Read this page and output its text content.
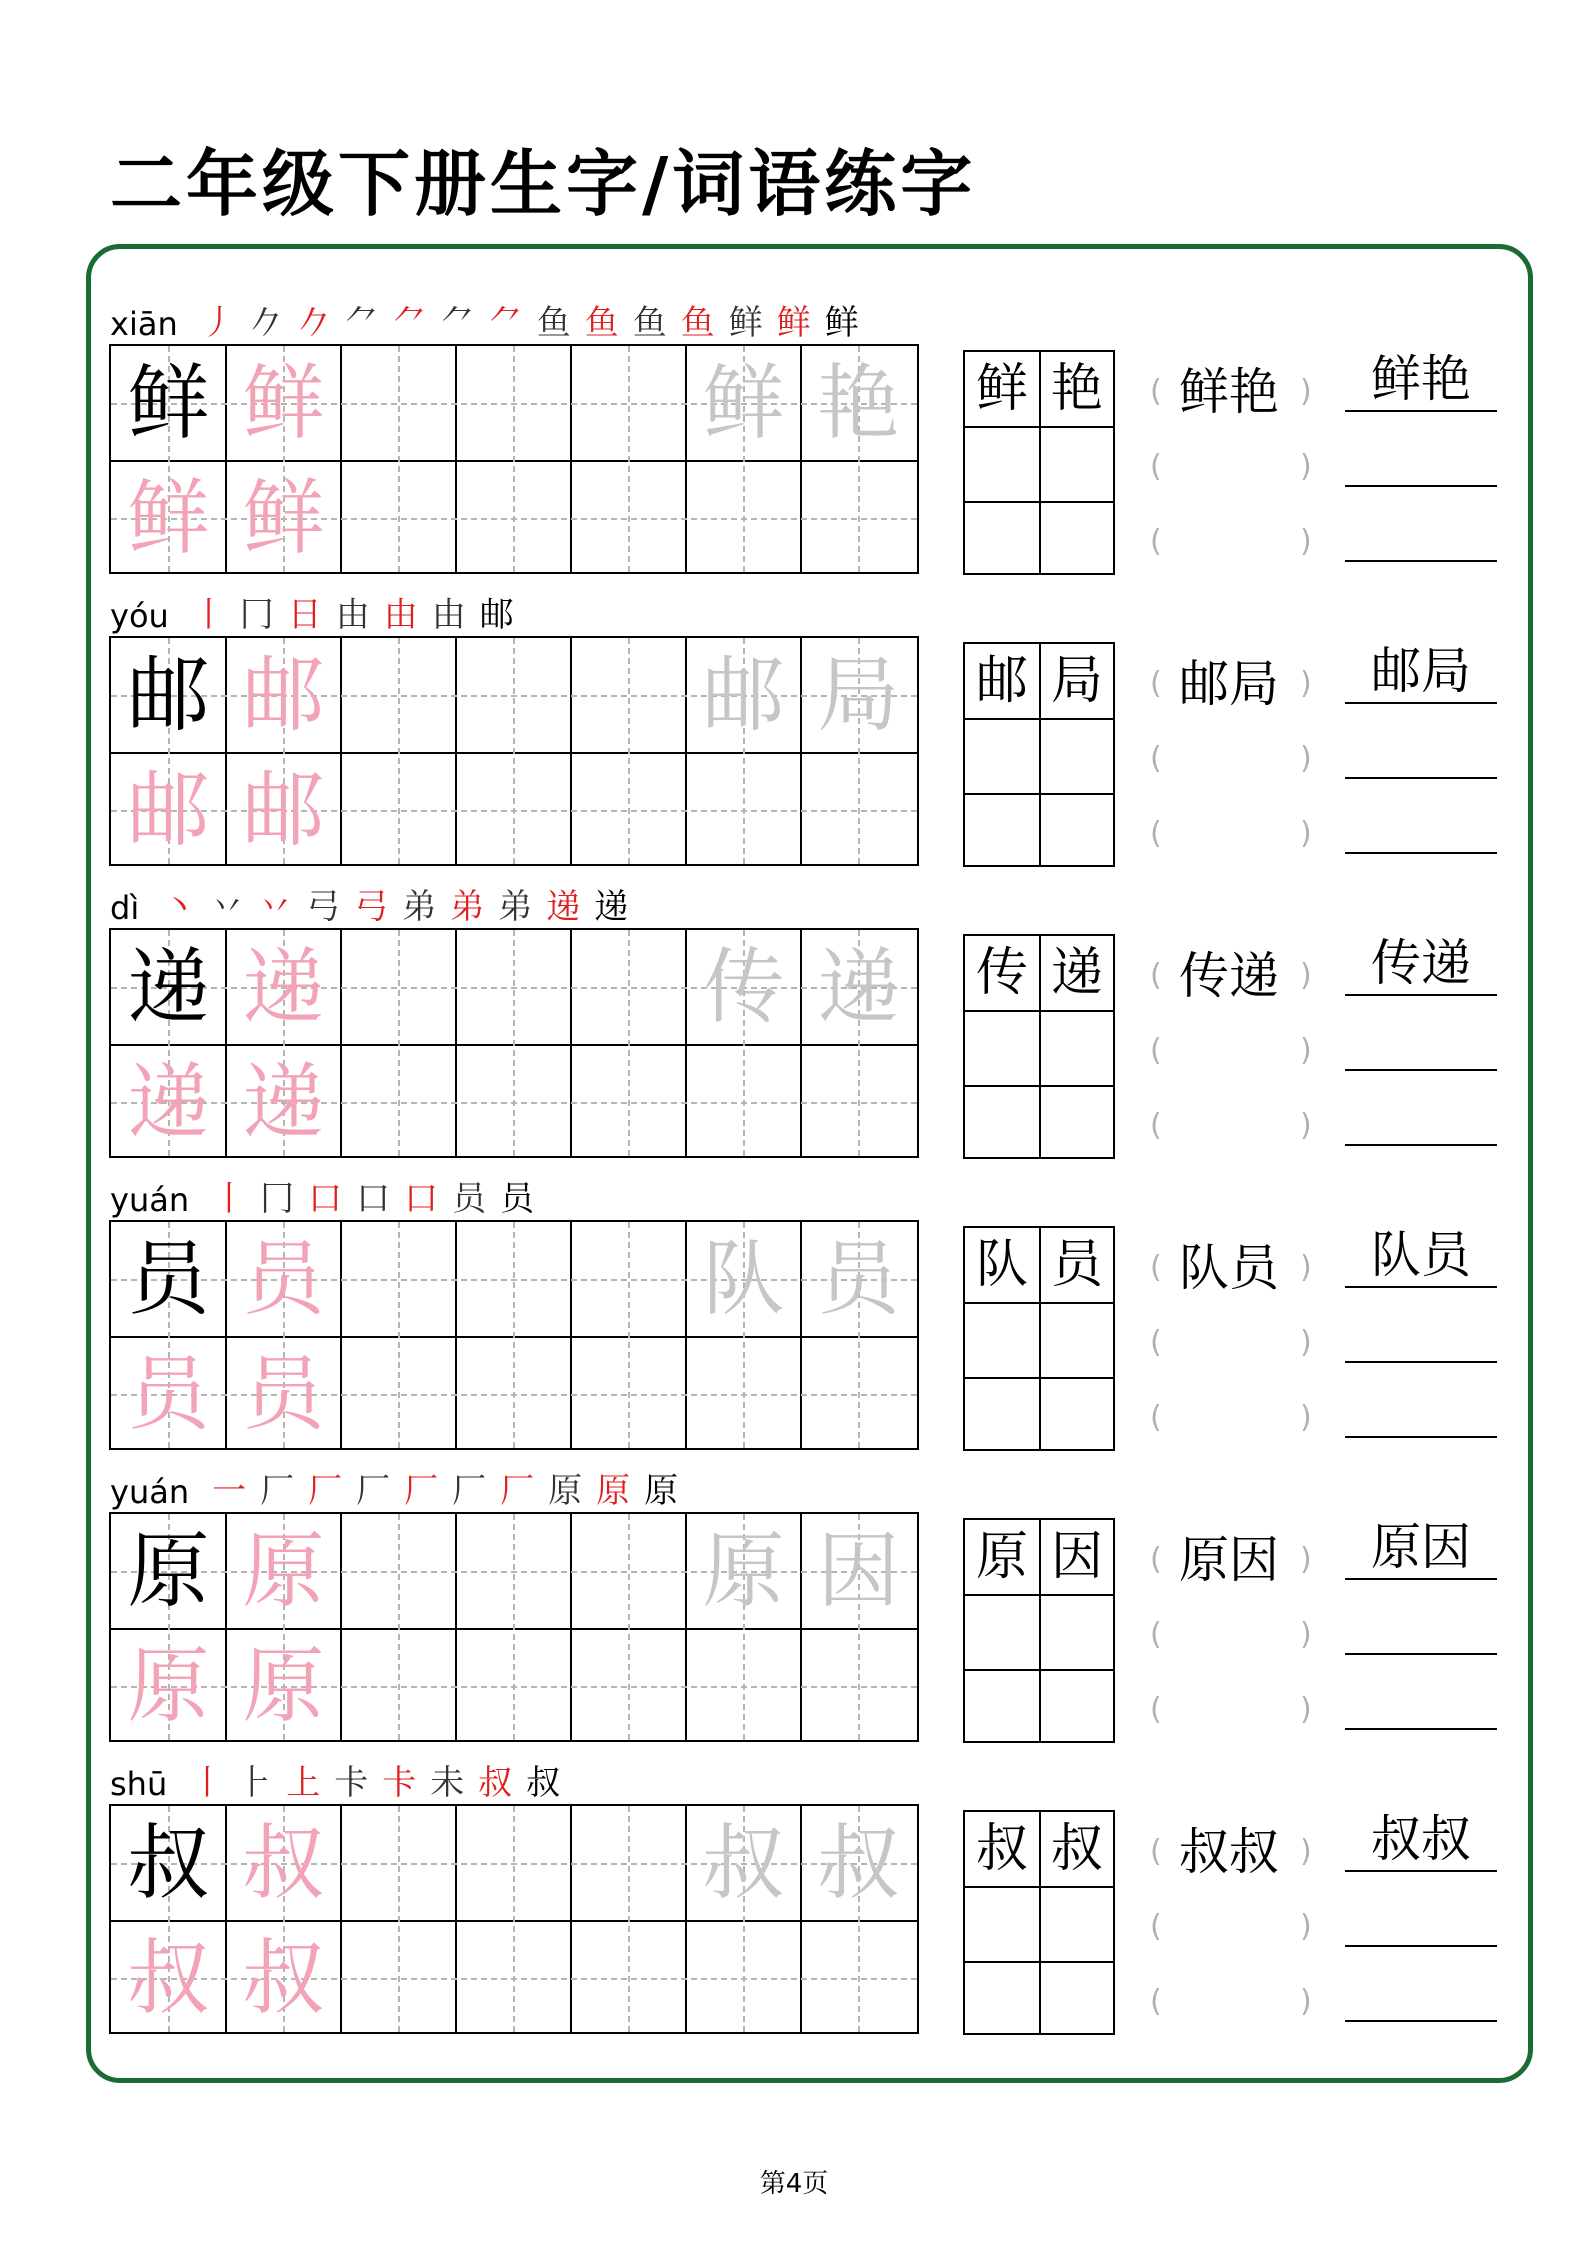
二年级下册生字/词语练字
xiān 丿 𠂊 𠂊 ⺈ ⺈ ⺈ ⺈ 鱼 鱼 鱼 鱼 鲜 鲜 鲜
鲜 鲜
鲜 鲜
鲜 艳	鲜 艳	(	)
鲜艳
(	)
(	)
鲜艳
yóu 丨 冂 日 由 由 由 邮
邮 邮
邮 邮
邮 局	邮 局	(	)
邮局
(	)
(	)
邮局
dì 丶 丷 丷 弓 弓 弟 弟 弟 递 递
递 递
递 递
传 递	传 递	(	)
传递
(	)
(	)
传递
yuán 丨 冂 口 口 口 员 员
员 员
员 员
队 员	队 员	(	)
队员
(	)
(	)
队员
yuán 一 厂 厂 厂 厂 厂 厂 原 原 原
原 原
原 原
原 因	原 因	(	)
原因
(	)
(	)
原因
shū 丨 ⺊ 上 卡 卡 未 叔 叔
叔 叔
叔 叔
叔 叔	叔 叔	(	)
叔叔
(	)
(	)
叔叔
第4页
